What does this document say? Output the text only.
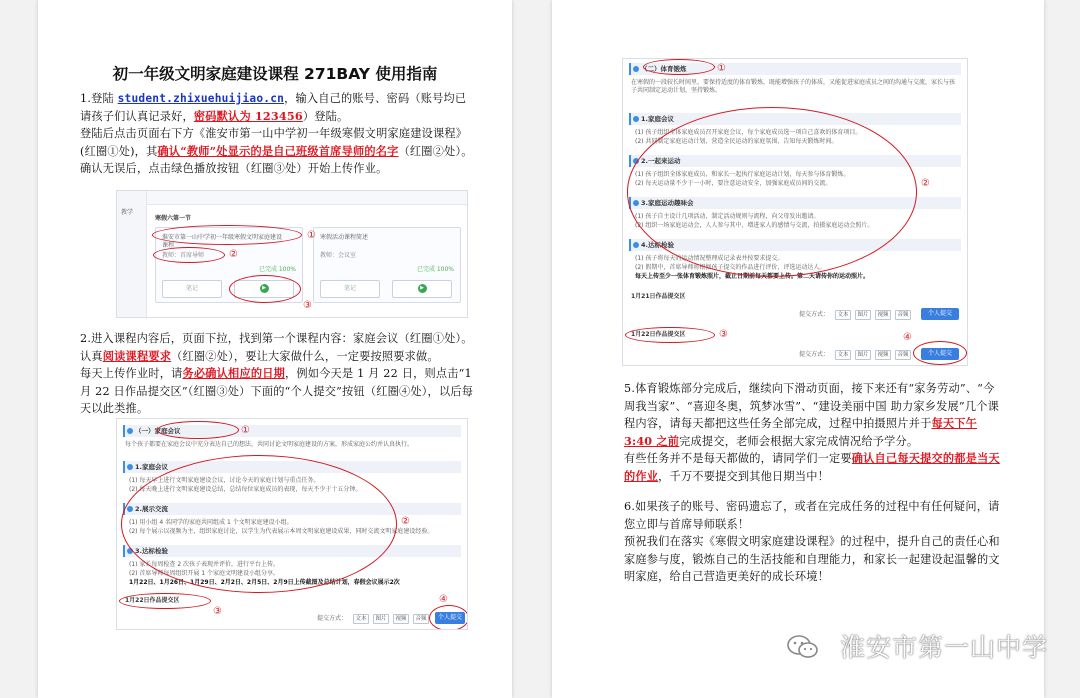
初一年级文明家庭建设课程 271BAY 使用指南
1.登陆 student.zhixuehuijiao.cn，输入自己的账号、密码（账号均已请孩子们认真记录好，密码默认为 123456）登陆。
登陆后点击页面右下方《淮安市第一山中学初一年级寒假文明家庭建设课程》(红圈①处)，其确认“教师”处显示的是自己班级首席导师的名字（红圈②处）。确认无误后，点击绿色播放按钮（红圈③处）开始上传作业。
教学
寒假六第一节
淮安市第一山中学初一年级寒假文明家庭建设课程
教师：首席导师
已完成 100%
笔记	▶
寒假活动课程简述
教师：会议室
已完成 100%
笔记	▶
①
②
③
2.进入课程内容后，页面下拉，找到第一个课程内容：家庭会议（红圈①处）。认真阅读课程要求（红圈②处），要让大家做什么，一定要按照要求做。
每天上传作业时，请务必确认相应的日期，例如今天是 1 月 22 日，则点击“1 月 22 日作品提交区”（红圈③处）下面的“个人提交”按钮（红圈④处），以后每天以此类推。
（一）家庭会议
每个孩子都要在家庭会议中充分表达自己的想法，共同讨论文明家庭建设的方案，形成家庭公约并认真执行。
1.家庭会议
(1) 每天早上进行文明家庭建设会议，讨论今天的家庭计划与重点任务。
(2) 每天晚上进行文明家庭建设总结，总结每位家庭成员的表现，每天不少于十五分钟。
2.展示交流
(1) 用小组 4 名同学的家庭共同组成 1 个文明家庭建设小组。
(2) 每个展示以视频为主，组织家庭讨论，以学生为代表展示本周文明家庭建设成果，同时交流文明家庭建设经验。
3.达标检验
(1) 家长每周检查 2 次孩子表现并评价，进行平台上传。
(2) 首席导师每周组织开展 1 个家庭文明建设小组分享。
1月22日、1月26日、1月29日、2月2日、2月5日、2月9日上传截图及总结计划，春假会议展示2次
1月22日作品提交区
提交方式：	文本	图片	视频	音频	个人提交
①
②
③
④
（二）体育锻炼
在寒假的一段较长时间里，要保持适度的体育锻炼，既能增强孩子的体质，又能促进家庭成员之间的沟通与交流，家长与孩子共同制定运动计划，坚持锻炼。
1.家庭会议
(1) 孩子组织全体家庭成员召开家庭会议，每个家庭成员选一项自己喜欢的体育项目。
(2) 共同制定家庭运动计划，营造全民运动的家庭氛围，告知每天锻炼时间。
2.一起来运动
(1) 孩子组织全体家庭成员，和家长一起执行家庭运动计划，每天参与体育锻炼。
(2) 每天运动量不少于一小时，要注意运动安全，加强家庭成员间的交流。
3.家庭运动趣味会
(1) 孩子自主设计几项活动，制定活动规则与流程，向父母发出邀请。
(2) 组织一场家庭运动会，人人参与其中，增进家人的感情与交流，拍摄家庭运动会照片。
4.达标检验
(1) 孩子将每天的运动情况整理成记录表并按要求提交。
(2) 假期中，首席导师将根据孩子提交的作品进行评价，评选运动达人。
每天上传至少一张体育锻炼照片，截止日期前每天都要上传。第二天请传你的运动照片。
1月21日作品提交区
提交方式：	文本	图片	视频	音频	个人提交
1月22日作品提交区
提交方式：	文本	图片	视频	音频	个人提交
①
②
③	④
5.体育锻炼部分完成后，继续向下滑动页面，接下来还有“家务劳动”、“今周我当家”、“喜迎冬奥，筑梦冰雪”、“建设美丽中国 助力家乡发展”几个课程内容，请每天都把这些任务全部完成，过程中拍摄照片并于每天下午 3:40 之前完成提交，老师会根据大家完成情况给予学分。
有些任务并不是每天都做的，请同学们一定要确认自己每天提交的都是当天的作业，千万不要提交到其他日期当中！
6.如果孩子的账号、密码遗忘了，或者在完成任务的过程中有任何疑问，请您立即与首席导师联系！
预祝我们在落实《寒假文明家庭建设课程》的过程中，提升自己的责任心和家庭参与度，锻炼自己的生活技能和自理能力，和家长一起建设起温馨的文明家庭，给自己营造更美好的成长环境！
淮安市第一山中学
